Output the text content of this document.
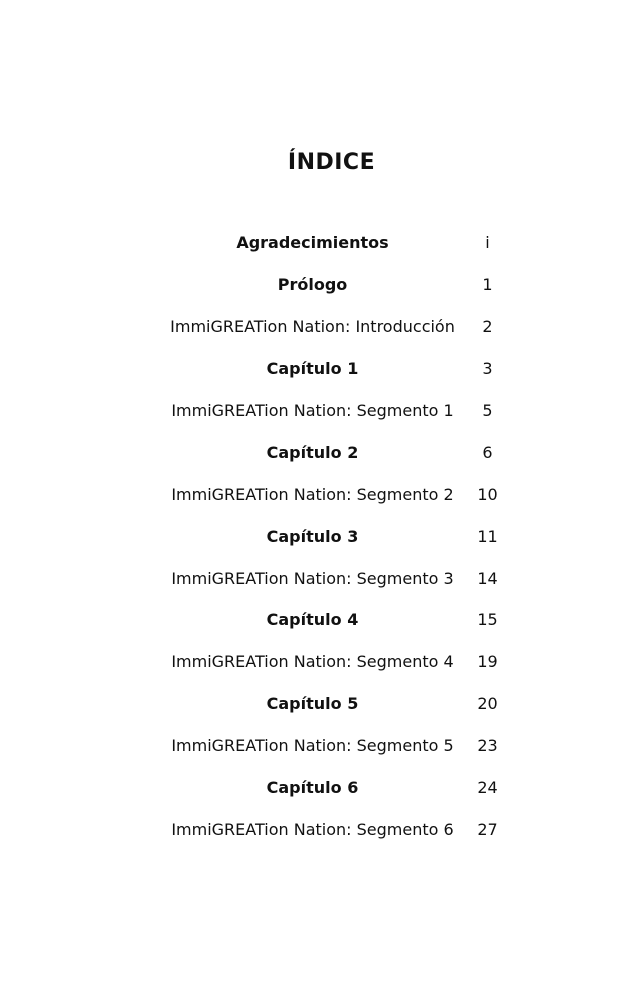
ÍNDICE
Agradecimientos	i
Prólogo	1
ImmiGREATion Nation: Introducción	2
Capítulo 1	3
ImmiGREATion Nation: Segmento 1	5
Capítulo 2	6
ImmiGREATion Nation: Segmento 2	10
Capítulo 3	11
ImmiGREATion Nation: Segmento 3	14
Capítulo 4	15
ImmiGREATion Nation: Segmento 4	19
Capítulo 5	20
ImmiGREATion Nation: Segmento 5	23
Capítulo 6	24
ImmiGREATion Nation: Segmento 6	27
